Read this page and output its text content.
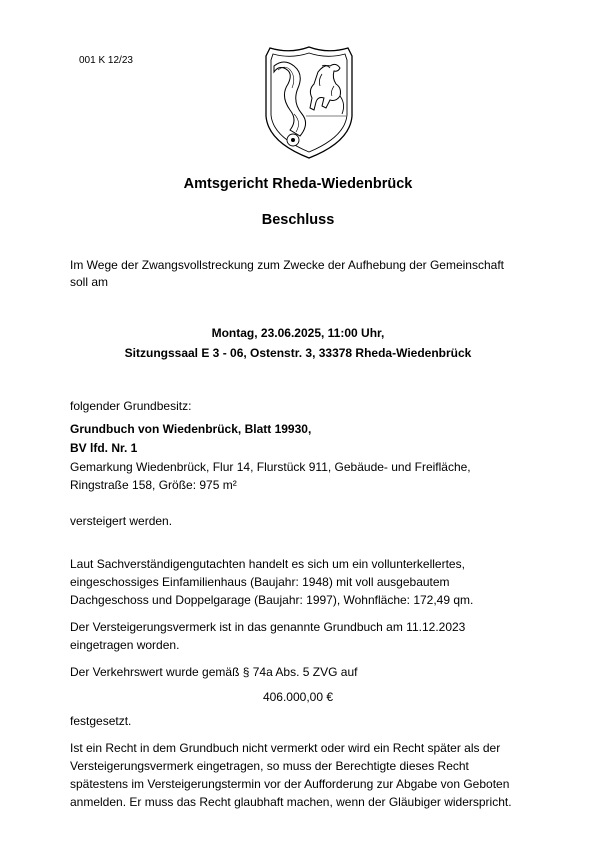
001 K 12/23
Amtsgericht Rheda-Wiedenbrück
Beschluss
Im Wege der Zwangsvollstreckung zum Zwecke der Aufhebung der Gemeinschaft
soll am
Montag, 23.06.2025, 11:00 Uhr,
Sitzungssaal E 3 - 06, Ostenstr. 3, 33378 Rheda-Wiedenbrück
folgender Grundbesitz:
Grundbuch von Wiedenbrück, Blatt 19930,
BV lfd. Nr. 1
Gemarkung Wiedenbrück, Flur 14, Flurstück 911, Gebäude- und Freifläche,
Ringstraße 158, Größe: 975 m²
versteigert werden.
Laut Sachverständigengutachten handelt es sich um ein vollunterkellertes,
eingeschossiges Einfamilienhaus (Baujahr: 1948) mit voll ausgebautem
Dachgeschoss und Doppelgarage (Baujahr: 1997), Wohnfläche: 172,49 qm.
Der Versteigerungsvermerk ist in das genannte Grundbuch am 11.12.2023
eingetragen worden.
Der Verkehrswert wurde gemäß § 74a Abs. 5 ZVG auf
406.000,00 €
festgesetzt.
Ist ein Recht in dem Grundbuch nicht vermerkt oder wird ein Recht später als der
Versteigerungsvermerk eingetragen, so muss der Berechtigte dieses Recht
spätestens im Versteigerungstermin vor der Aufforderung zur Abgabe von Geboten
anmelden. Er muss das Recht glaubhaft machen, wenn der Gläubiger widerspricht.
